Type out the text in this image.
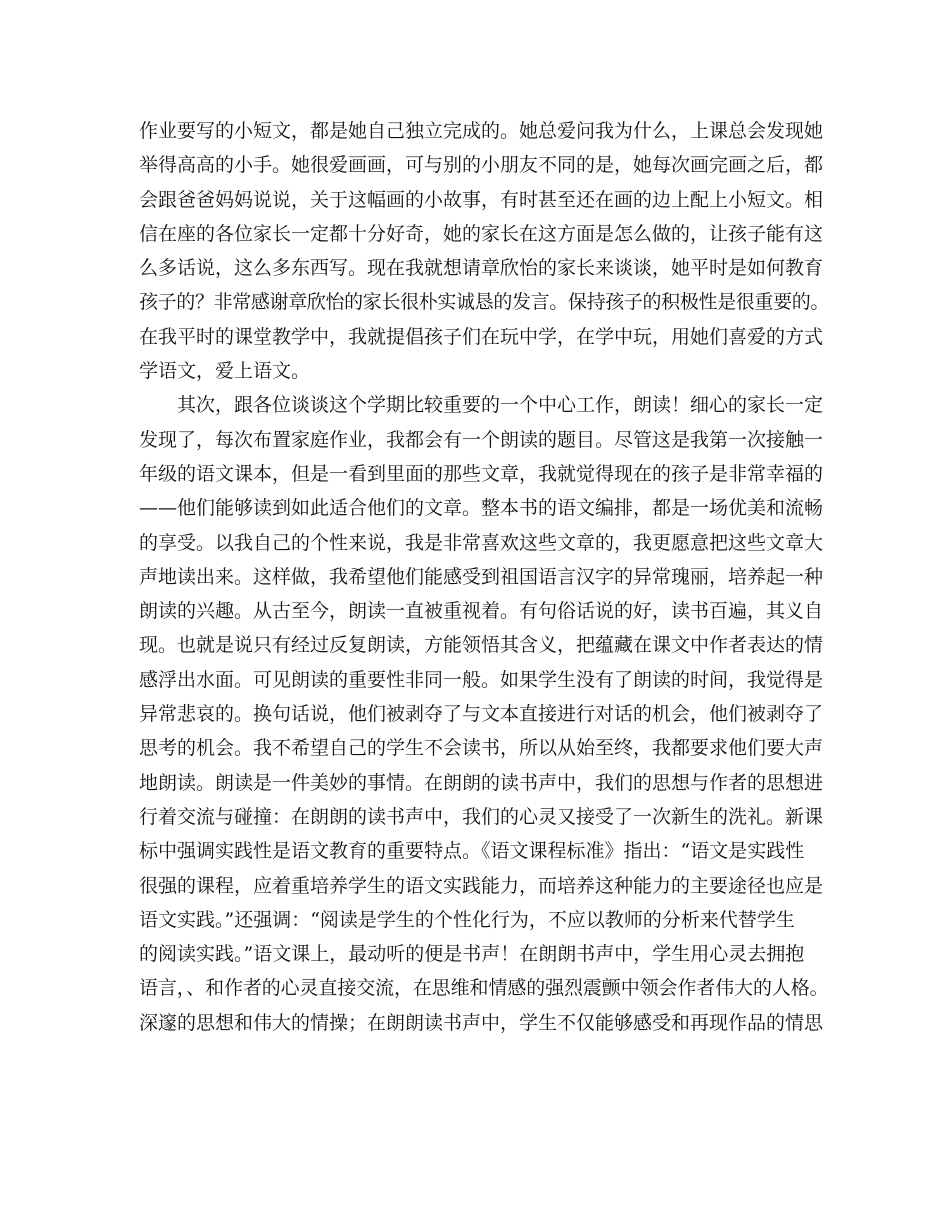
作业要写的小短文，都是她自己独立完成的。她总爱问我为什么，上课总会发现她
举得高高的小手。她很爱画画，可与别的小朋友不同的是，她每次画完画之后，都
会跟爸爸妈妈说说，关于这幅画的小故事，有时甚至还在画的边上配上小短文。相
信在座的各位家长一定都十分好奇，她的家长在这方面是怎么做的，让孩子能有这
么多话说，这么多东西写。现在我就想请章欣怡的家长来谈谈，她平时是如何教育
孩子的？非常感谢章欣怡的家长很朴实诚恳的发言。保持孩子的积极性是很重要的。
在我平时的课堂教学中，我就提倡孩子们在玩中学，在学中玩，用她们喜爱的方式
学语文，爱上语文。
其次，跟各位谈谈这个学期比较重要的一个中心工作，朗读！细心的家长一定
发现了，每次布置家庭作业，我都会有一个朗读的题目。尽管这是我第一次接触一
年级的语文课本，但是一看到里面的那些文章，我就觉得现在的孩子是非常幸福的
——他们能够读到如此适合他们的文章。整本书的语文编排，都是一场优美和流畅
的享受。以我自己的个性来说，我是非常喜欢这些文章的，我更愿意把这些文章大
声地读出来。这样做，我希望他们能感受到祖国语言汉字的异常瑰丽，培养起一种
朗读的兴趣。从古至今，朗读一直被重视着。有句俗话说的好，读书百遍，其义自
现。也就是说只有经过反复朗读，方能领悟其含义，把蕴藏在课文中作者表达的情
感浮出水面。可见朗读的重要性非同一般。如果学生没有了朗读的时间，我觉得是
异常悲哀的。换句话说，他们被剥夺了与文本直接进行对话的机会，他们被剥夺了
思考的机会。我不希望自己的学生不会读书，所以从始至终，我都要求他们要大声
地朗读。朗读是一件美妙的事情。在朗朗的读书声中，我们的思想与作者的思想进
行着交流与碰撞：在朗朗的读书声中，我们的心灵又接受了一次新生的洗礼。新课
标中强调实践性是语文教育的重要特点。《语文课程标准》指出：“语文是实践性
很强的课程，应着重培养学生的语文实践能力，而培养这种能力的主要途径也应是
语文实践。”还强调：“阅读是学生的个性化行为，不应以教师的分析来代替学生
的阅读实践。”语文课上，最动听的便是书声！在朗朗书声中，学生用心灵去拥抱
语言，、和作者的心灵直接交流，在思维和情感的强烈震颤中领会作者伟大的人格。
深邃的思想和伟大的情操；在朗朗读书声中，学生不仅能够感受和再现作品的情思
